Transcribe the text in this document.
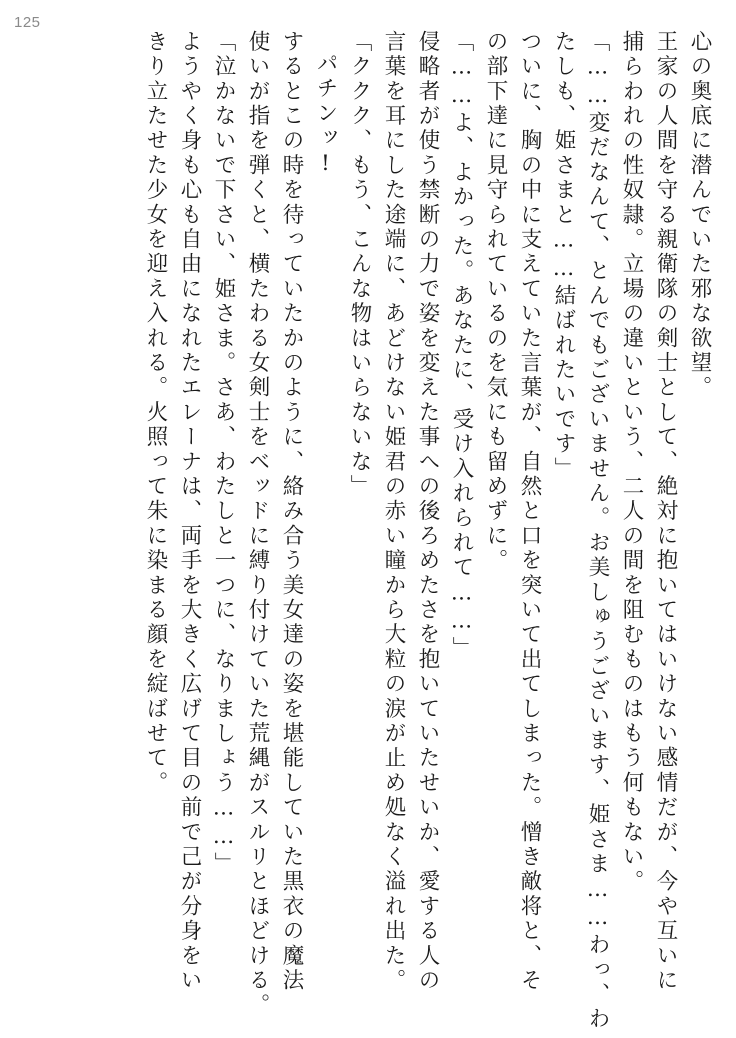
125
心の奥底に潜んでいた邪な欲望。
王家の人間を守る親衛隊の剣士として、絶対に抱いてはいけない感情だが、今や互いに
捕らわれの性奴隷。立場の違いという、二人の間を阻むものはもう何もない。
「……変だなんて、とんでもございません。お美しゅうございます、姫さま……わっ、わ
たしも、姫さまと……結ばれたいです」
ついに、胸の中に支えていた言葉が、自然と口を突いて出てしまった。憎き敵将と、そ
の部下達に見守られているのを気にも留めずに。
「……よ、よかった。あなたに、受け入れられて……」
侵略者が使う禁断の力で姿を変えた事への後ろめたさを抱いていたせいか、愛する人の
言葉を耳にした途端に、あどけない姫君の赤い瞳から大粒の涙が止め処なく溢れ出た。
「ククク、もう、こんな物はいらないな」
パチンッ!
するとこの時を待っていたかのように、絡み合う美女達の姿を堪能していた黒衣の魔法
使いが指を弾くと、横たわる女剣士をベッドに縛り付けていた荒縄がスルリとほどける。
「泣かないで下さい、姫さま。さあ、わたしと一つに、なりましょう……」
ようやく身も心も自由になれたエレーナは、両手を大きく広げて目の前で己が分身をい
きり立たせた少女を迎え入れる。火照って朱に染まる顔を綻ばせて。
